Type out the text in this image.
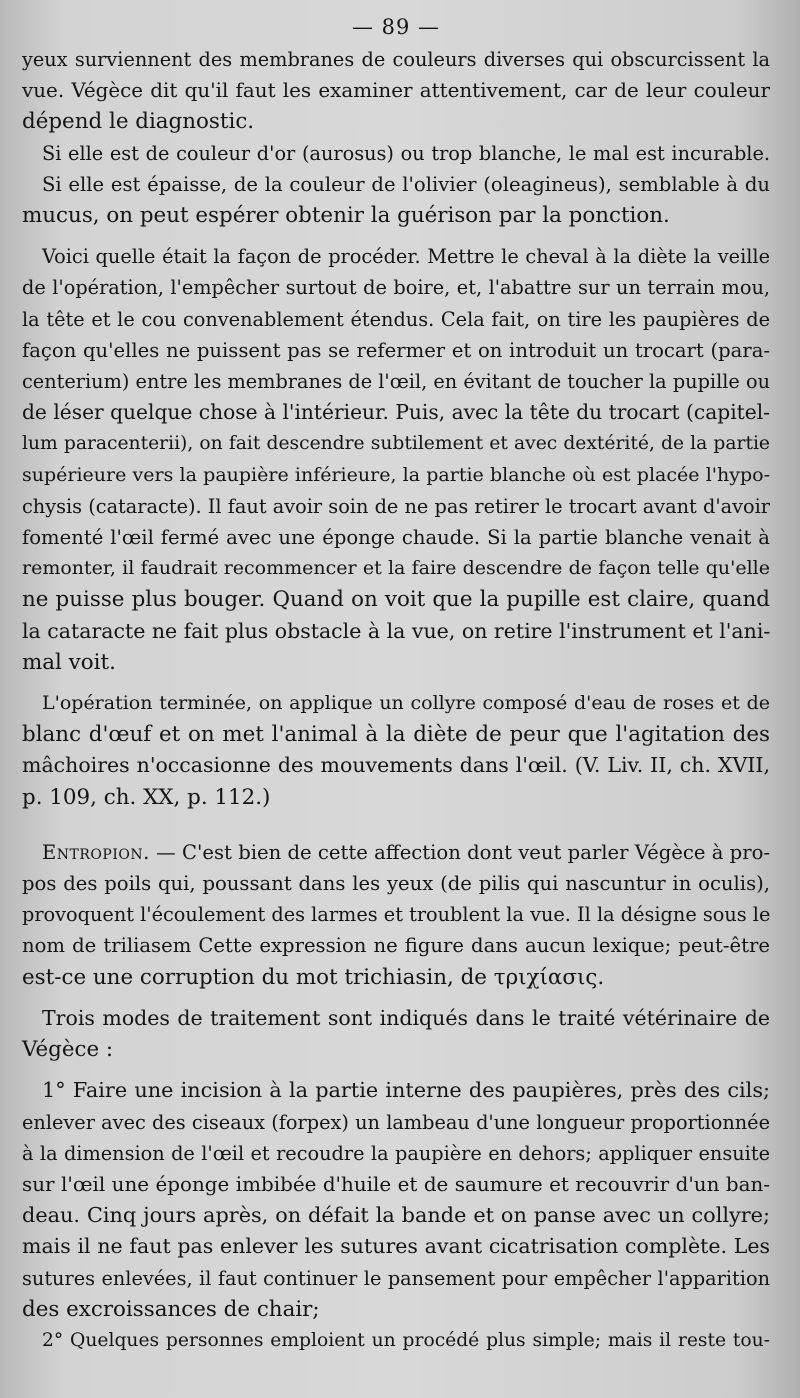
— 89 —
yeux surviennent des membranes de couleurs diverses qui obscurcissent la
vue. Végèce dit qu'il faut les examiner attentivement, car de leur couleur
dépend le diagnostic.
Si elle est de couleur d'or (aurosus) ou trop blanche, le mal est incurable.
Si elle est épaisse, de la couleur de l'olivier (oleagineus), semblable à du
mucus, on peut espérer obtenir la guérison par la ponction.
Voici quelle était la façon de procéder. Mettre le cheval à la diète la veille
de l'opération, l'empêcher surtout de boire, et, l'abattre sur un terrain mou,
la tête et le cou convenablement étendus. Cela fait, on tire les paupières de
façon qu'elles ne puissent pas se refermer et on introduit un trocart (para-
centerium) entre les membranes de l'œil, en évitant de toucher la pupille ou
de léser quelque chose à l'intérieur. Puis, avec la tête du trocart (capitel-
lum paracenterii), on fait descendre subtilement et avec dextérité, de la partie
supérieure vers la paupière inférieure, la partie blanche où est placée l'hypo-
chysis (cataracte). Il faut avoir soin de ne pas retirer le trocart avant d'avoir
fomenté l'œil fermé avec une éponge chaude. Si la partie blanche venait à
remonter, il faudrait recommencer et la faire descendre de façon telle qu'elle
ne puisse plus bouger. Quand on voit que la pupille est claire, quand
la cataracte ne fait plus obstacle à la vue, on retire l'instrument et l'ani-
mal voit.
L'opération terminée, on applique un collyre composé d'eau de roses et de
blanc d'œuf et on met l'animal à la diète de peur que l'agitation des
mâchoires n'occasionne des mouvements dans l'œil. (V. Liv. II, ch. XVII,
p. 109, ch. XX, p. 112.)
Entropion. — C'est bien de cette affection dont veut parler Végèce à pro-
pos des poils qui, poussant dans les yeux (de pilis qui nascuntur in oculis),
provoquent l'écoulement des larmes et troublent la vue. Il la désigne sous le
nom de triliasem Cette expression ne figure dans aucun lexique; peut-être
est-ce une corruption du mot trichiasin, de τριχίασις.
Trois modes de traitement sont indiqués dans le traité vétérinaire de
Végèce :
1° Faire une incision à la partie interne des paupières, près des cils;
enlever avec des ciseaux (forpex) un lambeau d'une longueur proportionnée
à la dimension de l'œil et recoudre la paupière en dehors; appliquer ensuite
sur l'œil une éponge imbibée d'huile et de saumure et recouvrir d'un ban-
deau. Cinq jours après, on défait la bande et on panse avec un collyre;
mais il ne faut pas enlever les sutures avant cicatrisation complète. Les
sutures enlevées, il faut continuer le pansement pour empêcher l'apparition
des excroissances de chair;
2° Quelques personnes emploient un procédé plus simple; mais il reste tou-
